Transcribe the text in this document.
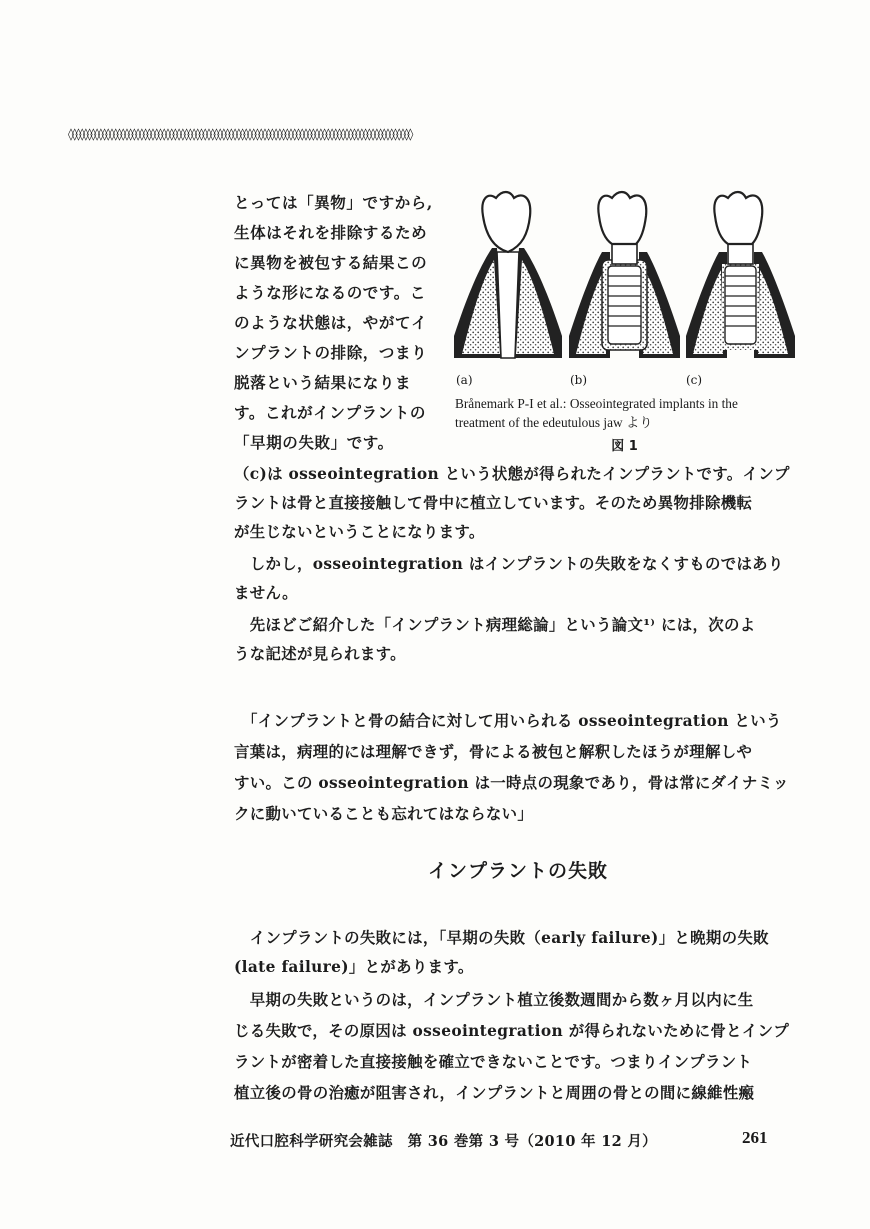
◊◊◊◊◊◊◊◊◊◊◊◊◊◊◊◊◊◊◊◊◊◊◊◊◊◊◊◊◊◊◊◊◊◊◊◊◊◊◊◊◊◊◊◊◊◊◊◊◊◊◊◊◊◊◊◊◊◊◊◊◊◊◊◊◊◊◊◊◊◊◊◊◊◊◊◊◊◊◊◊◊◊◊◊◊◊◊◊◊◊◊◊
とっては「異物」ですから,
生体はそれを排除するため
に異物を被包する結果この
ような形になるのです。こ
のような状態は，やがてイ
ンプラントの排除，つまり
脱落という結果になりま
す。これがインプラントの
「早期の失敗」です。
(a)	(b)	(c)
Brånemark P-I et al.: Osseointegrated implants in the
treatment of the edeutulous jaw より
図 1
（c)は osseointegration という状態が得られたインプラントです。インプ
ラントは骨と直接接触して骨中に植立しています。そのため異物排除機転
が生じないということになります。
　しかし，osseointegration はインプラントの失敗をなくすものではあり
ません。
　先ほどご紹介した「インプラント病理総論」という論文¹⁾ には，次のよ
うな記述が見られます。
　「インプラントと骨の結合に対して用いられる osseointegration という
言葉は，病理的には理解できず，骨による被包と解釈したほうが理解しや
すい。この osseointegration は一時点の現象であり，骨は常にダイナミッ
クに動いていることも忘れてはならない」
インプラントの失敗
　インプラントの失敗には，「早期の失敗（early failure)」と晩期の失敗
(late failure)」とがあります。
　早期の失敗というのは，インプラント植立後数週間から数ヶ月以内に生
じる失敗で，その原因は osseointegration が得られないために骨とインプ
ラントが密着した直接接触を確立できないことです。つまりインプラント
植立後の骨の治癒が阻害され，インプラントと周囲の骨との間に線維性瘢
近代口腔科学研究会雑誌　第 36 巻第 3 号（2010 年 12 月）	261
